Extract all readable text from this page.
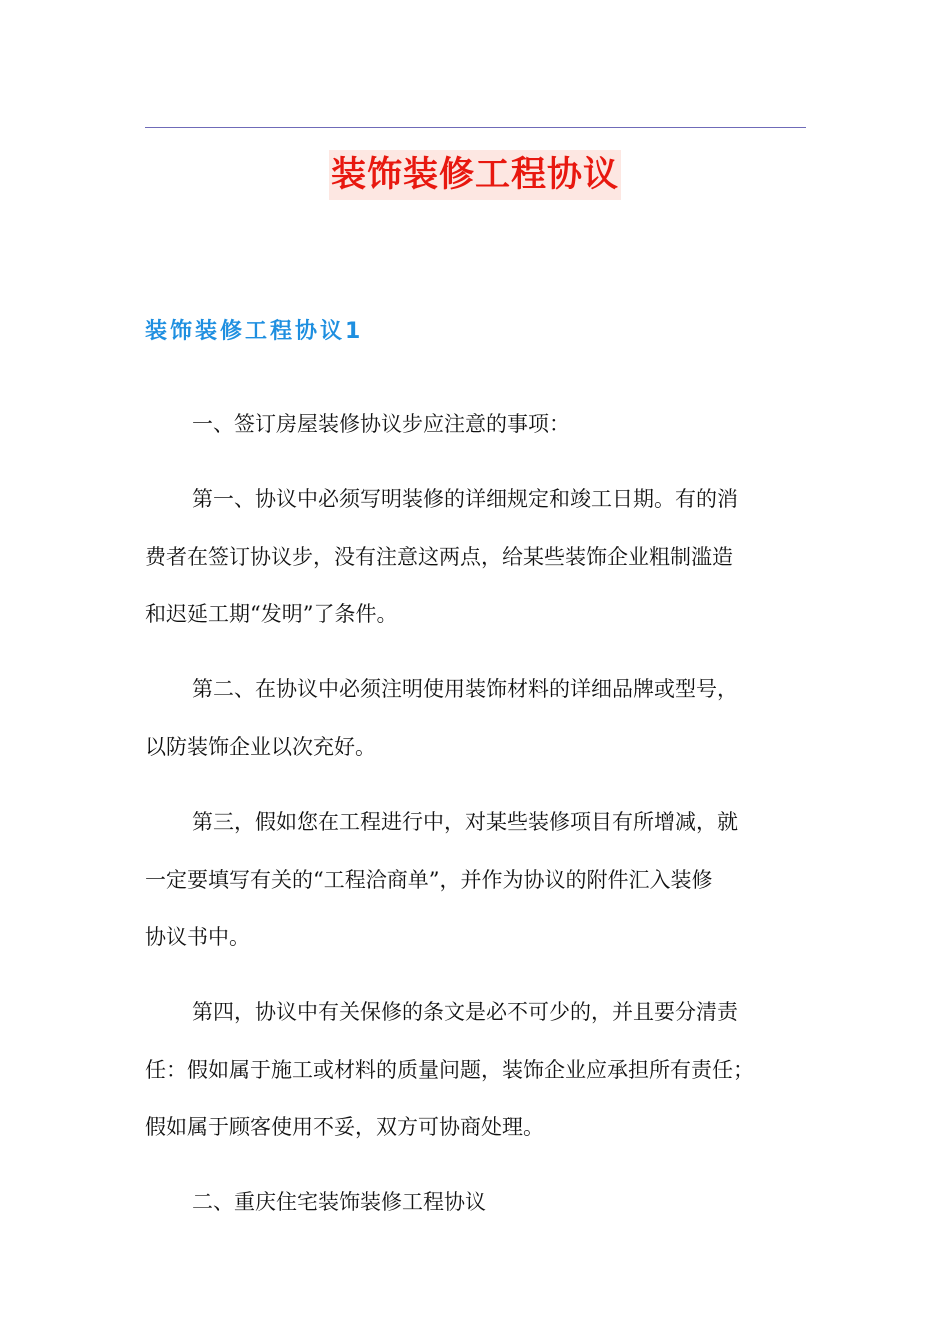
装饰装修工程协议
装饰装修工程协议1
一、签订房屋装修协议步应注意的事项：
第一、协议中必须写明装修的详细规定和竣工日期。有的消
费者在签订协议步，没有注意这两点，给某些装饰企业粗制滥造
和迟延工期“发明”了条件。
第二、在协议中必须注明使用装饰材料的详细品牌或型号，
以防装饰企业以次充好。
第三，假如您在工程进行中，对某些装修项目有所增减，就
一定要填写有关的“工程洽商单”，并作为协议的附件汇入装修
协议书中。
第四，协议中有关保修的条文是必不可少的，并且要分清责
任：假如属于施工或材料的质量问题，装饰企业应承担所有责任；
假如属于顾客使用不妥，双方可协商处理。
二、重庆住宅装饰装修工程协议
